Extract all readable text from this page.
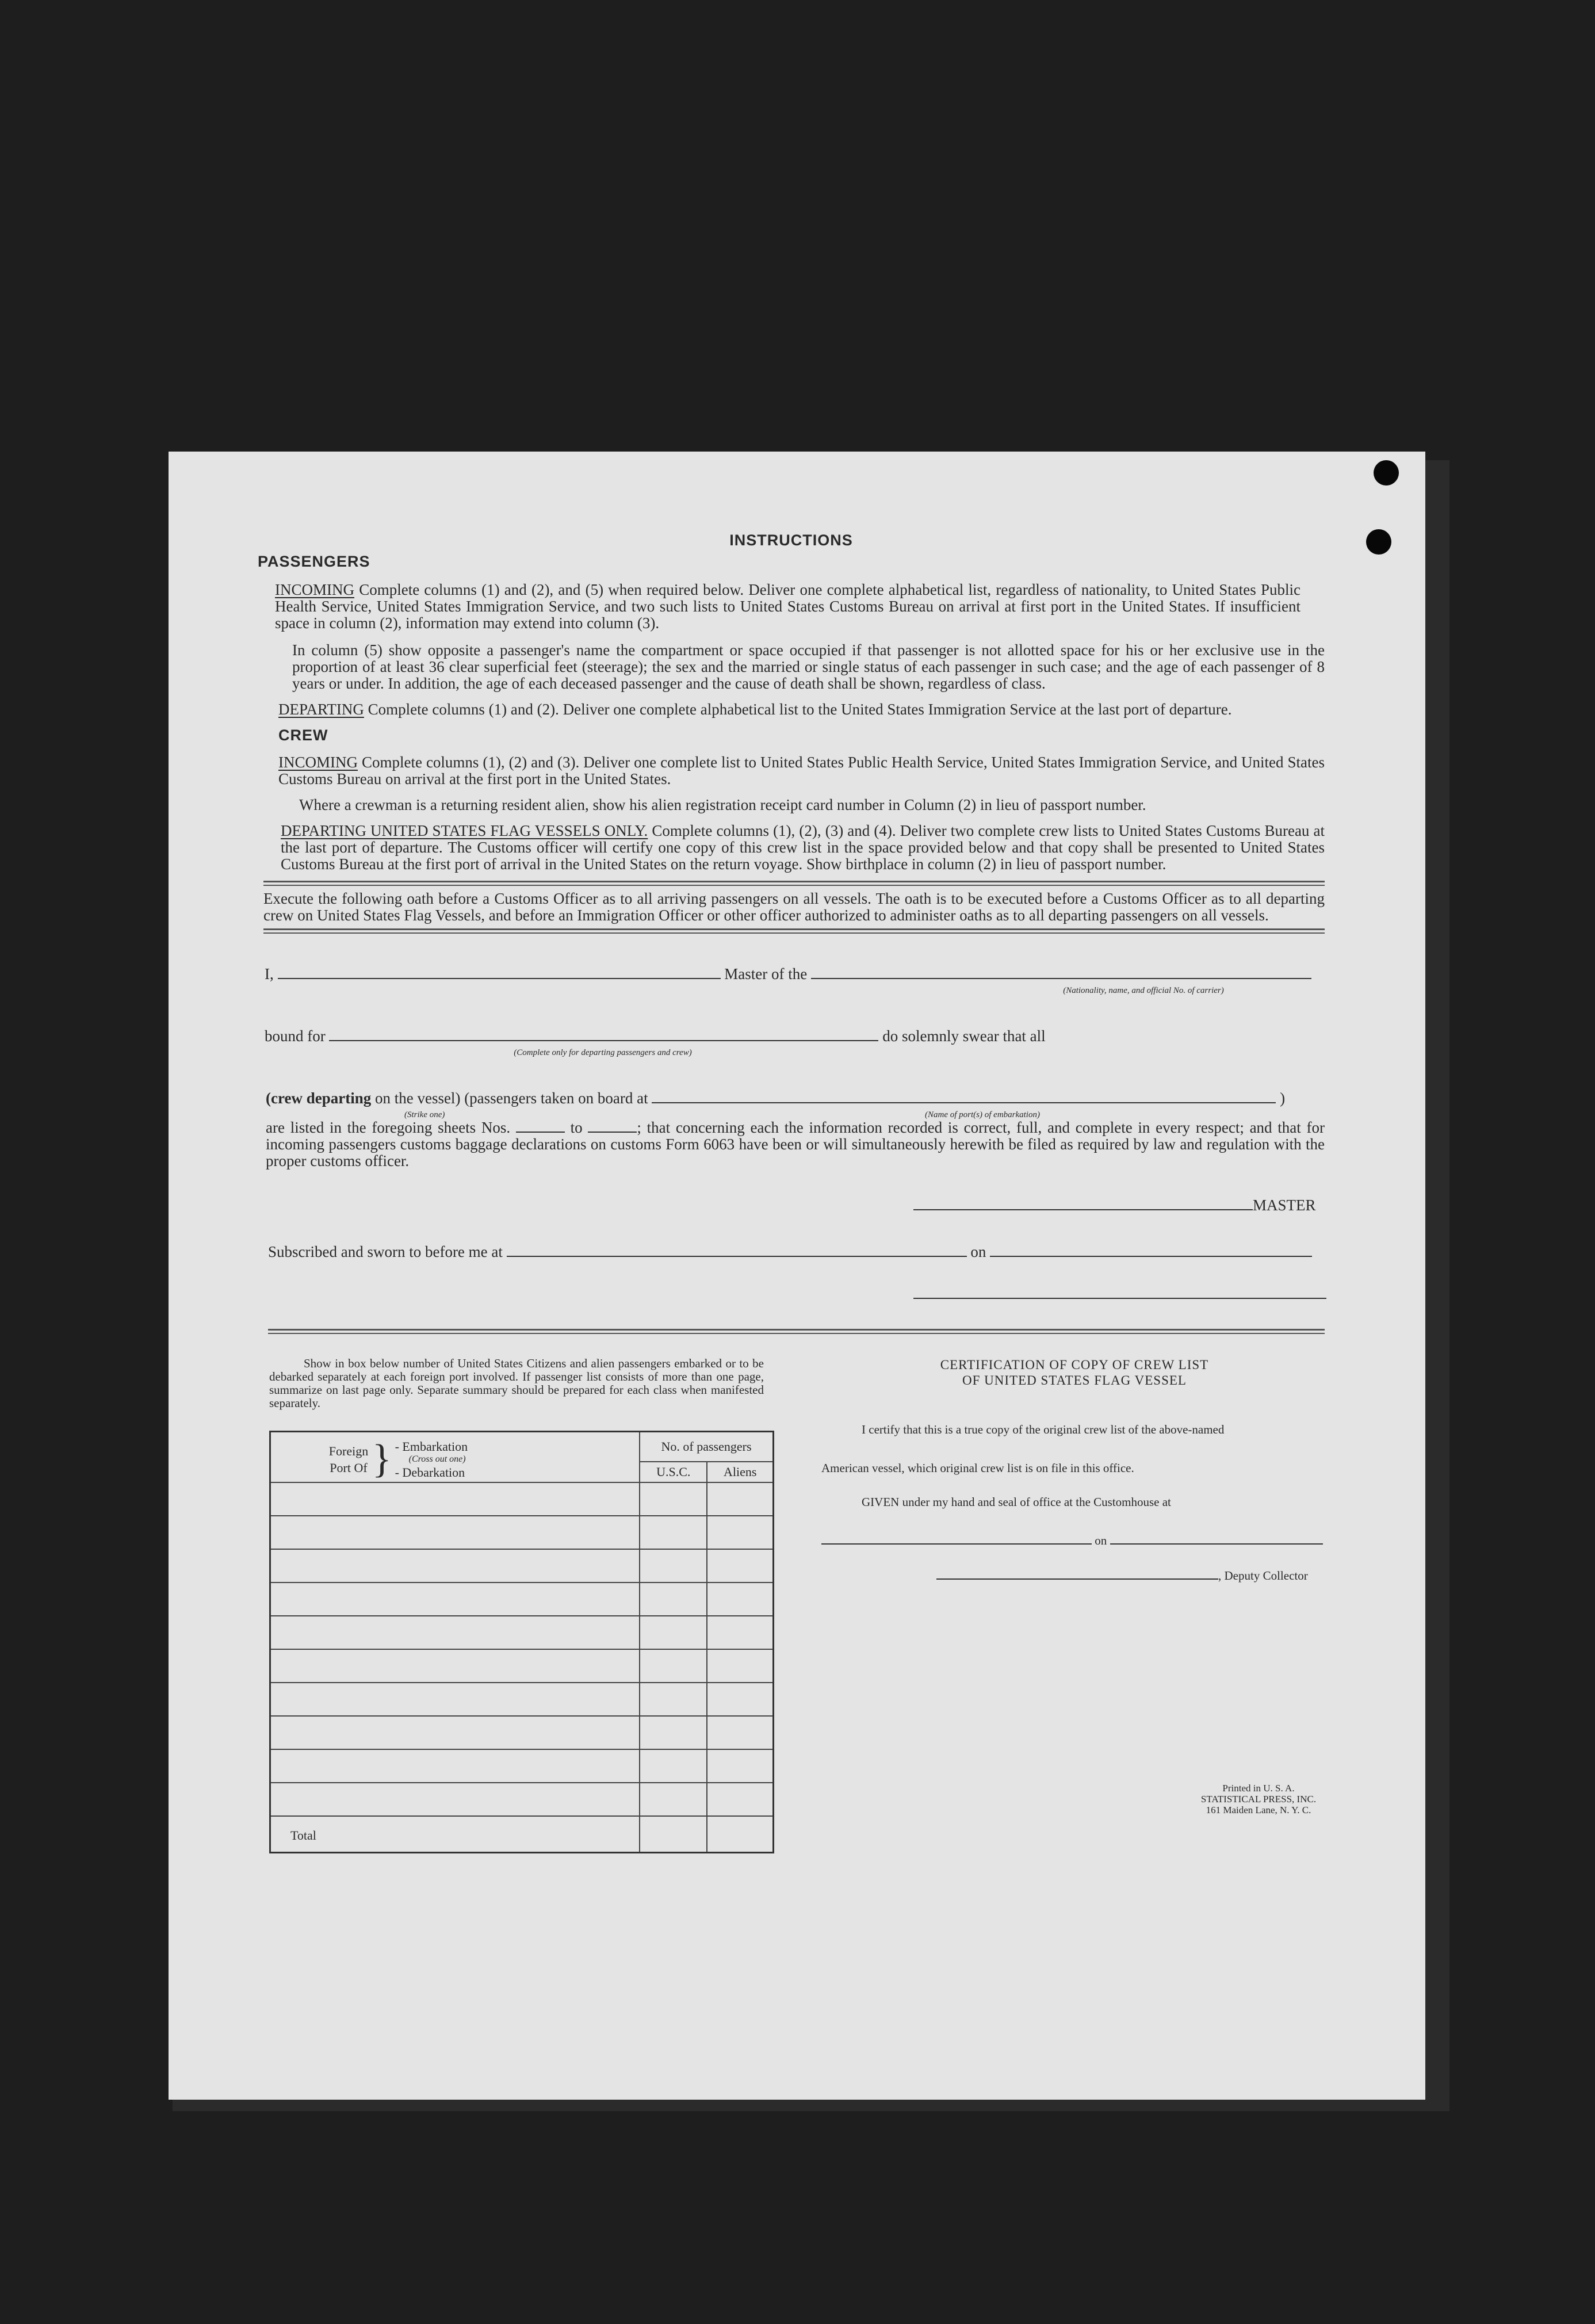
INSTRUCTIONS
PASSENGERS

INCOMING Complete columns (1) and (2), and (5) when required below. Deliver one complete alphabetical list, regardless of nationality, to United States Public Health Service, United States Immigration Service, and two such lists to United States Customs Bureau on arrival at first port in the United States. If insufficient space in column (2), information may extend into column (3).

In column (5) show opposite a passenger's name the compartment or space occupied if that passenger is not allotted space for his or her exclusive use in the proportion of at least 36 clear superficial feet (steerage); the sex and the married or single status of each passenger in such case; and the age of each passenger of 8 years or under. In addition, the age of each deceased passenger and the cause of death shall be shown, regardless of class.

DEPARTING Complete columns (1) and (2). Deliver one complete alphabetical list to the United States Immigration Service at the last port of departure.

CREW

INCOMING Complete columns (1), (2) and (3). Deliver one complete list to United States Public Health Service, United States Immigration Service, and United States Customs Bureau on arrival at the first port in the United States.

Where a crewman is a returning resident alien, show his alien registration receipt card number in Column (2) in lieu of passport number.

DEPARTING UNITED STATES FLAG VESSELS ONLY. Complete columns (1), (2), (3) and (4). Deliver two complete crew lists to United States Customs Bureau at the last port of departure. The Customs officer will certify one copy of this crew list in the space provided below and that copy shall be presented to United States Customs Bureau at the first port of arrival in the United States on the return voyage. Show birthplace in column (2) in lieu of passport number.

Execute the following oath before a Customs Officer as to all arriving passengers on all vessels. The oath is to be executed before a Customs Officer as to all departing crew on United States Flag Vessels, and before an Immigration Officer or other officer authorized to administer oaths as to all departing passengers on all vessels.

I,	Master of the
(Nationality, name, and official No. of carrier)
bound for	do solemnly swear that all
(Complete only for departing passengers and crew)
(crew departing on the vessel) (passengers taken on board at	)
(Strike one)	(Name of port(s) of embarkation)

are listed in the foregoing sheets Nos.	to	; that concerning each the information recorded is correct, full, and complete in every respect; and that for incoming passengers customs baggage declarations on customs Form 6063 have been or will simultaneously herewith be filed as required by law and regulation with the proper customs officer.

MASTER
Subscribed and sworn to before me at	on

Show in box below number of United States Citizens and alien passengers embarked or to be debarked separately at each foreign port involved. If passenger list consists of more than one page, summarize on last page only. Separate summary should be prepared for each class when manifested separately.

Foreign Port Of } - Embarkation
(Cross out one)
- Debarkation	No. of passengers	
	U.S.C.	Aliens

Total		
CERTIFICATION OF COPY OF CREW LIST
OF UNITED STATES FLAG VESSEL
I certify that this is a true copy of the original crew list of the above-named
American vessel, which original crew list is on file in this office.
GIVEN under my hand and seal of office at the Customhouse at
on
, Deputy Collector
Printed in U. S. A.
STATISTICAL PRESS, INC.
161 Maiden Lane, N. Y. C.
